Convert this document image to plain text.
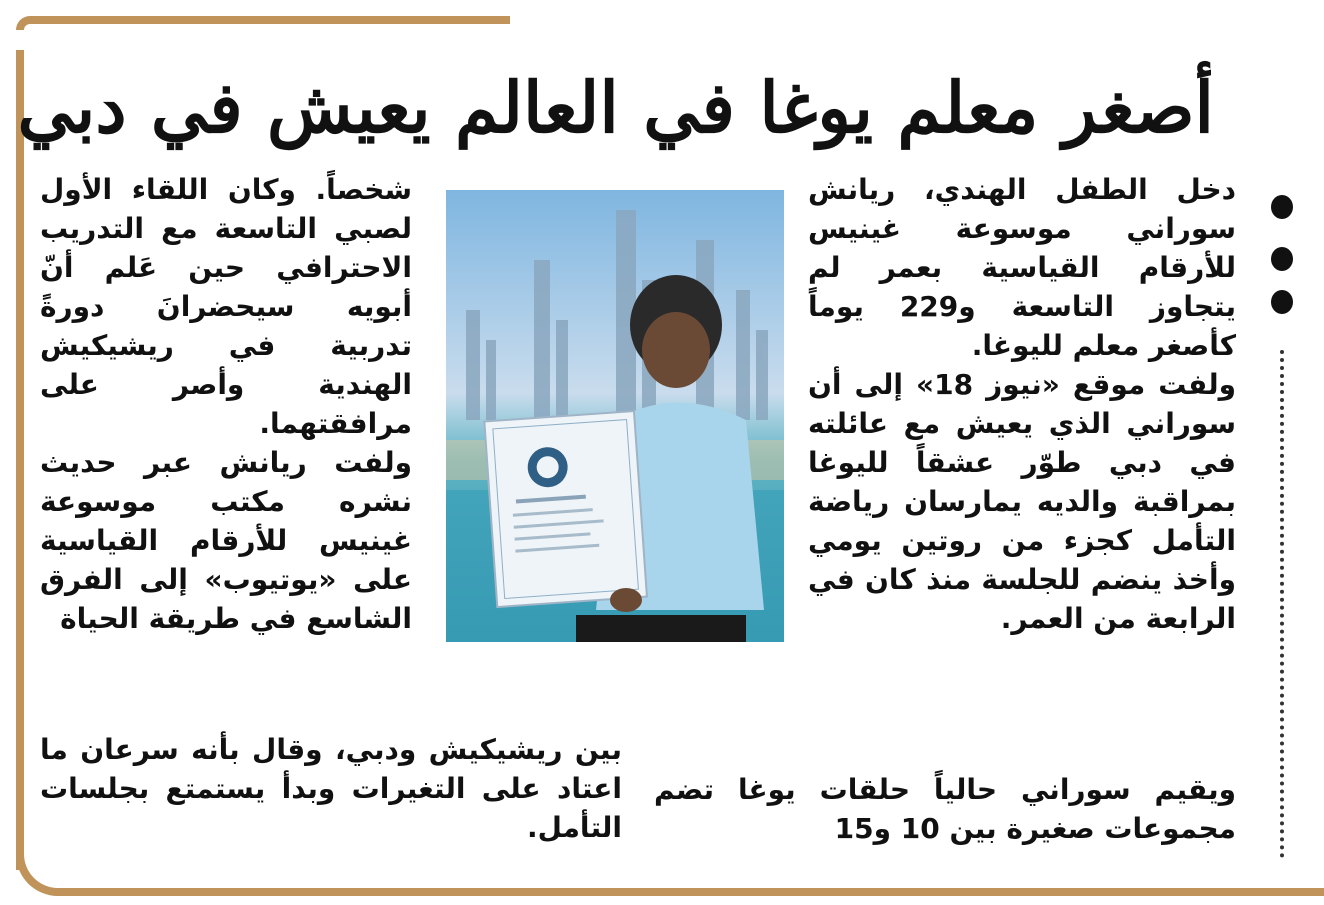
أصغر معلم يوغا في العالم يعيش في دبي

دخل الطفل الهندي، ريانش سوراني موسوعة غينيس للأرقام القياسية بعمر لم يتجاوز التاسعة و229 يوماً كأصغر معلم لليوغا.

ولفت موقع «نيوز 18» إلى أن سوراني الذي يعيش مع عائلته في دبي طوّر عشقاً لليوغا بمراقبة والديه يمارسان رياضة التأمل كجزء من روتين يومي وأخذ ينضم للجلسة منذ كان في الرابعة من العمر.

ويقيم سوراني حالياً حلقات يوغا تضم مجموعات صغيرة بين 10 و15

شخصاً. وكان اللقاء الأول لصبي التاسعة مع التدريب الاحترافي حين عَلم أنّ أبويه سيحضرانَ دورةً تدربية في ريشيكيش الهندية وأصر على مرافقتهما.

ولفت ريانش عبر حديث نشره مكتب موسوعة غينيس للأرقام القياسية على «يوتيوب» إلى الفرق الشاسع في طريقة الحياة

بين ريشيكيش ودبي، وقال بأنه سرعان ما اعتاد على التغيرات وبدأ يستمتع بجلسات التأمل.
